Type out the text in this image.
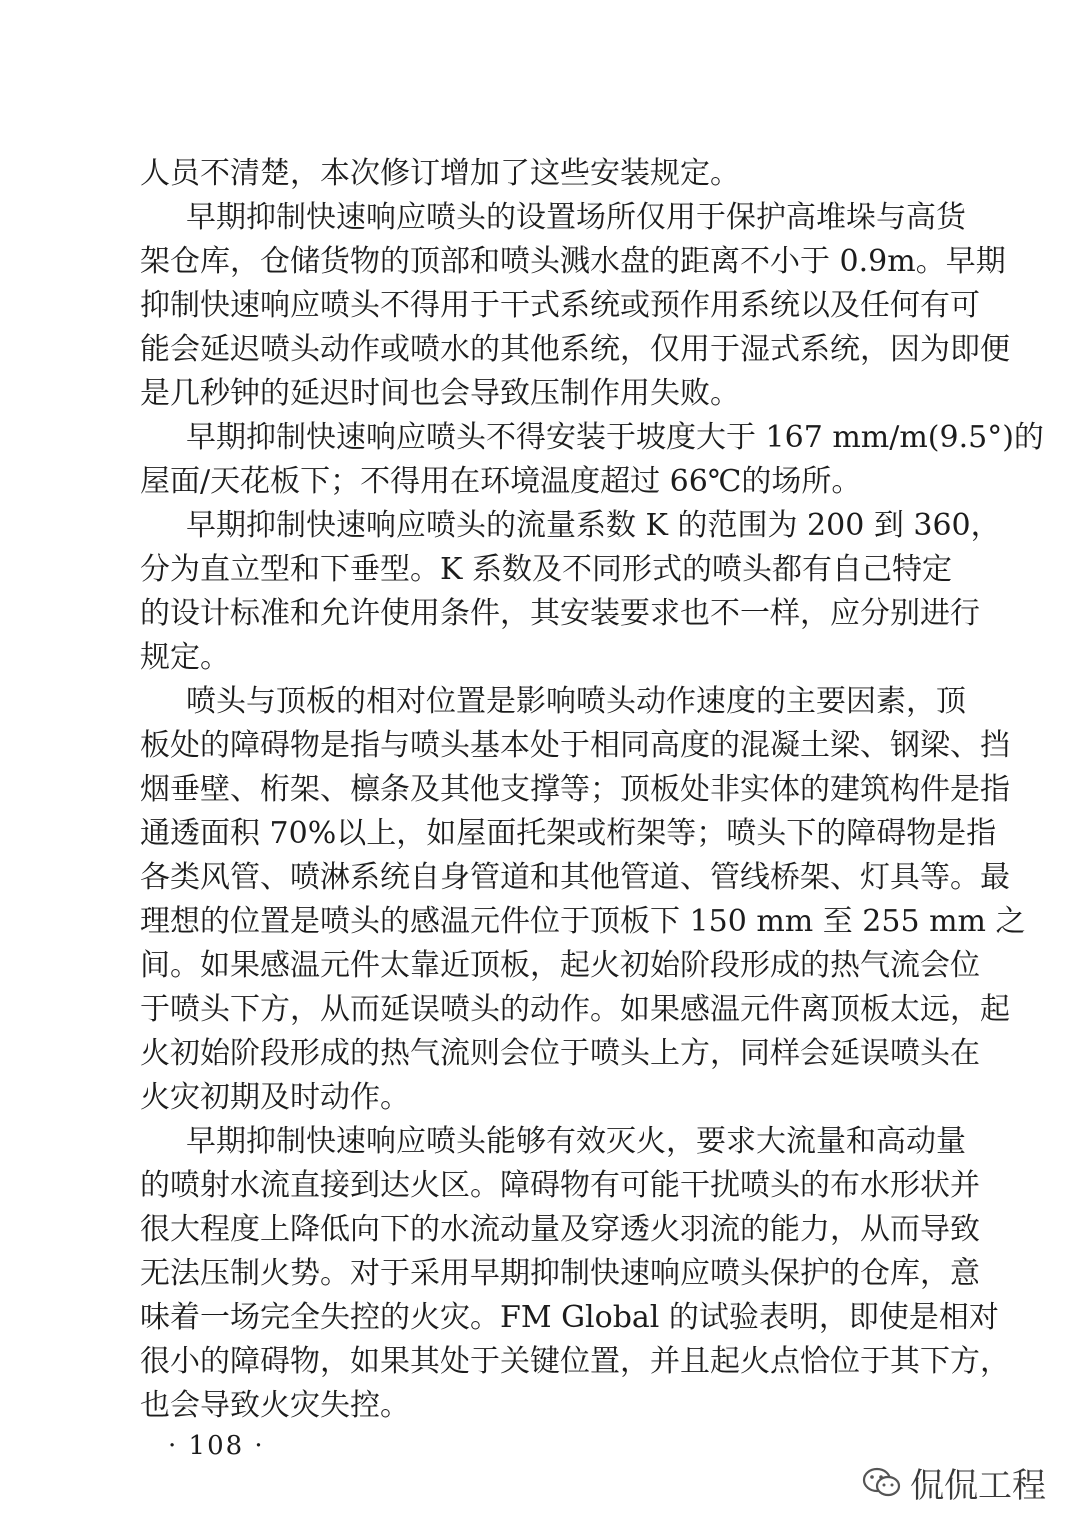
人员不清楚，本次修订增加了这些安装规定。
早期抑制快速响应喷头的设置场所仅用于保护高堆垛与高货
架仓库，仓储货物的顶部和喷头溅水盘的距离不小于 0.9m。早期
抑制快速响应喷头不得用于干式系统或预作用系统以及任何有可
能会延迟喷头动作或喷水的其他系统，仅用于湿式系统，因为即便
是几秒钟的延迟时间也会导致压制作用失败。
早期抑制快速响应喷头不得安装于坡度大于 167 mm/m(9.5°)的
屋面/天花板下；不得用在环境温度超过 66℃的场所。
早期抑制快速响应喷头的流量系数 K 的范围为 200 到 360，
分为直立型和下垂型。K 系数及不同形式的喷头都有自己特定
的设计标准和允许使用条件，其安装要求也不一样，应分别进行
规定。
喷头与顶板的相对位置是影响喷头动作速度的主要因素，顶
板处的障碍物是指与喷头基本处于相同高度的混凝土梁、钢梁、挡
烟垂壁、桁架、檩条及其他支撑等；顶板处非实体的建筑构件是指
通透面积 70%以上，如屋面托架或桁架等；喷头下的障碍物是指
各类风管、喷淋系统自身管道和其他管道、管线桥架、灯具等。最
理想的位置是喷头的感温元件位于顶板下 150 mm 至 255 mm 之
间。如果感温元件太靠近顶板，起火初始阶段形成的热气流会位
于喷头下方，从而延误喷头的动作。如果感温元件离顶板太远，起
火初始阶段形成的热气流则会位于喷头上方，同样会延误喷头在
火灾初期及时动作。
早期抑制快速响应喷头能够有效灭火，要求大流量和高动量
的喷射水流直接到达火区。障碍物有可能干扰喷头的布水形状并
很大程度上降低向下的水流动量及穿透火羽流的能力，从而导致
无法压制火势。对于采用早期抑制快速响应喷头保护的仓库，意
味着一场完全失控的火灾。FM Global 的试验表明，即使是相对
很小的障碍物，如果其处于关键位置，并且起火点恰位于其下方，
也会导致火灾失控。
· 108 ·
侃侃工程
